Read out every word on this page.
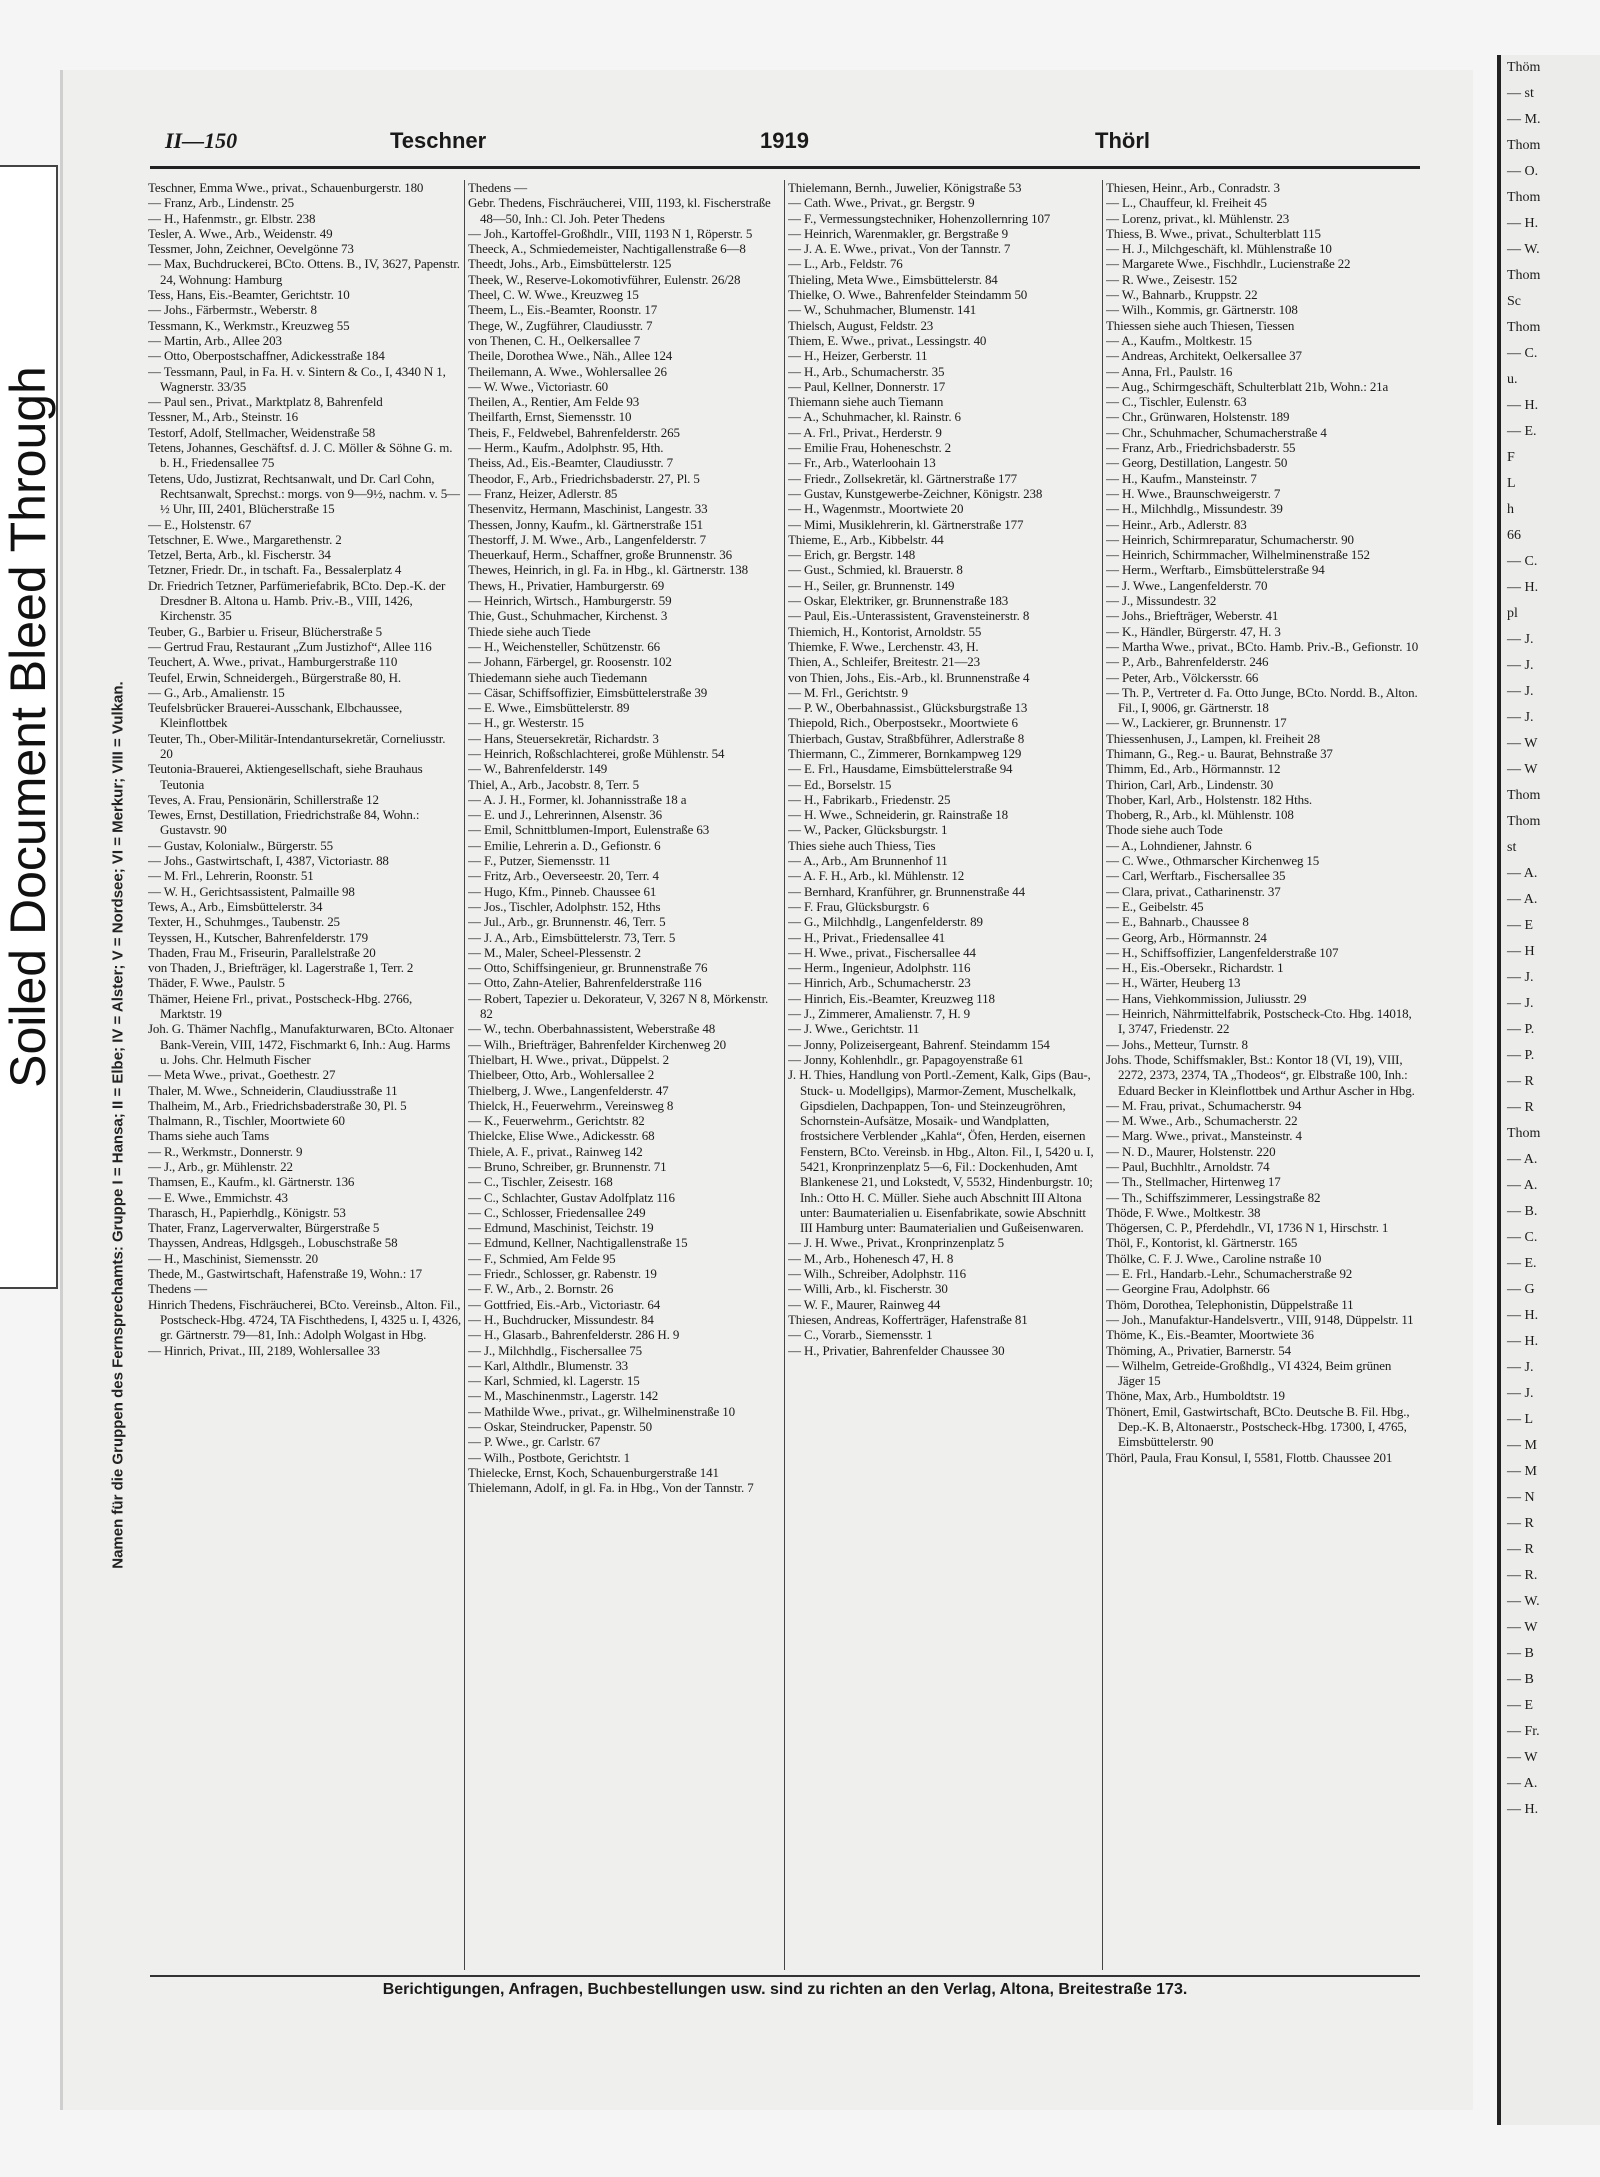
Thöm
— st
— M.
Thom
— O.
Thom
— H.
— W.
Thom
Sc
Thom
— C.
u.
— H.
— E.
F
L
h
66
— C.
— H.
pl
— J.
— J.
— J.
— J.
— W
— W
Thom
Thom
st
— A.
— A.
— E
— H
— J.
— J.
— P.
— P.
— R
— R
Thom
— A.
— A.
— B.
— C.
— E.
— G
— H.
— H.
— J.
— J.
— L
— M
— M
— N
— R
— R
— R.
— W.
— W
— B
— B
— E
— Fr.
— W
— A.
— H.
Soiled Document Bleed Through
II—150	Teschner	1919	Thörl
Namen für die Gruppen des Fernsprechamts: Gruppe I = Hansa; II = Elbe; IV = Alster; V = Nordsee; VI = Merkur; VIII = Vulkan.

Teschner, Emma Wwe., privat., Schauenburgerstr. 180

— Franz, Arb., Lindenstr. 25

— H., Hafenmstr., gr. Elbstr. 238

Tesler, A. Wwe., Arb., Weidenstr. 49

Tessmer, John, Zeichner, Oevelgönne 73

— Max, Buchdruckerei, BCto. Ottens. B., IV, 3627, Papenstr. 24, Wohnung: Hamburg

Tess, Hans, Eis.-Beamter, Gerichtstr. 10

— Johs., Färbermstr., Weberstr. 8

Tessmann, K., Werkmstr., Kreuzweg 55

— Martin, Arb., Allee 203

— Otto, Oberpostschaffner, Adickesstraße 184

— Tessmann, Paul, in Fa. H. v. Sintern & Co., I, 4340 N 1, Wagnerstr. 33/35

— Paul sen., Privat., Marktplatz 8, Bahrenfeld

Tessner, M., Arb., Steinstr. 16

Testorf, Adolf, Stellmacher, Weidenstraße 58

Tetens, Johannes, Geschäftsf. d. J. C. Möller & Söhne G. m. b. H., Friedensallee 75

Tetens, Udo, Justizrat, Rechtsanwalt, und Dr. Carl Cohn, Rechtsanwalt, Sprechst.: morgs. von 9—9½, nachm. v. 5—½ Uhr, III, 2401, Blücherstraße 15

— E., Holstenstr. 67

Tetschner, E. Wwe., Margarethenstr. 2

Tetzel, Berta, Arb., kl. Fischerstr. 34

Tetzner, Friedr. Dr., in tschaft. Fa., Bessalerplatz 4

Dr. Friedrich Tetzner, Parfümeriefabrik, BCto. Dep.-K. der Dresdner B. Altona u. Hamb. Priv.-B., VIII, 1426, Kirchenstr. 35

Teuber, G., Barbier u. Friseur, Blücherstraße 5

— Gertrud Frau, Restaurant „Zum Justizhof“, Allee 116

Teuchert, A. Wwe., privat., Hamburgerstraße 110

Teufel, Erwin, Schneidergeh., Bürgerstraße 80, H.

— G., Arb., Amalienstr. 15

Teufelsbrücker Brauerei-Ausschank, Elbchaussee, Kleinflottbek

Teuter, Th., Ober-Militär-Intendantursekretär, Corneliusstr. 20

Teutonia-Brauerei, Aktiengesellschaft, siehe Brauhaus Teutonia

Teves, A. Frau, Pensionärin, Schillerstraße 12

Tewes, Ernst, Destillation, Friedrichstraße 84, Wohn.: Gustavstr. 90

— Gustav, Kolonialw., Bürgerstr. 55

— Johs., Gastwirtschaft, I, 4387, Victoriastr. 88

— M. Frl., Lehrerin, Roonstr. 51

— W. H., Gerichtsassistent, Palmaille 98

Tews, A., Arb., Eimsbüttelerstr. 34

Texter, H., Schuhmges., Taubenstr. 25

Teyssen, H., Kutscher, Bahrenfelderstr. 179

Thaden, Frau M., Friseurin, Parallelstraße 20

von Thaden, J., Briefträger, kl. Lagerstraße 1, Terr. 2

Thäder, F. Wwe., Paulstr. 5

Thämer, Heiene Frl., privat., Postscheck-Hbg. 2766, Marktstr. 19

Joh. G. Thämer Nachflg., Manufakturwaren, BCto. Altonaer Bank-Verein, VIII, 1472, Fischmarkt 6, Inh.: Aug. Harms u. Johs. Chr. Helmuth Fischer

— Meta Wwe., privat., Goethestr. 27

Thaler, M. Wwe., Schneiderin, Claudiusstraße 11

Thalheim, M., Arb., Friedrichsbaderstraße 30, Pl. 5

Thalmann, R., Tischler, Moortwiete 60

Thams siehe auch Tams

— R., Werkmstr., Donnerstr. 9

— J., Arb., gr. Mühlenstr. 22

Thamsen, E., Kaufm., kl. Gärtnerstr. 136

— E. Wwe., Emmichstr. 43

Tharasch, H., Papierhdlg., Königstr. 53

Thater, Franz, Lagerverwalter, Bürgerstraße 5

Thayssen, Andreas, Hdlgsgeh., Lobuschstraße 58

— H., Maschinist, Siemensstr. 20

Thede, M., Gastwirtschaft, Hafenstraße 19, Wohn.: 17

Thedens —

Hinrich Thedens, Fischräucherei, BCto. Vereinsb., Alton. Fil., Postscheck-Hbg. 4724, TA Fischthedens, I, 4325 u. I, 4326, gr. Gärtnerstr. 79—81, Inh.: Adolph Wolgast in Hbg.

— Hinrich, Privat., III, 2189, Wohlersallee 33

Thedens —

Gebr. Thedens, Fischräucherei, VIII, 1193, kl. Fischerstraße 48—50, Inh.: Cl. Joh. Peter Thedens

— Joh., Kartoffel-Großhdlr., VIII, 1193 N 1, Röperstr. 5

Theeck, A., Schmiedemeister, Nachtigallenstraße 6—8

Theedt, Johs., Arb., Eimsbüttelerstr. 125

Theek, W., Reserve-Lokomotivführer, Eulenstr. 26/28

Theel, C. W. Wwe., Kreuzweg 15

Theem, L., Eis.-Beamter, Roonstr. 17

Thege, W., Zugführer, Claudiusstr. 7

von Thenen, C. H., Oelkersallee 7

Theile, Dorothea Wwe., Näh., Allee 124

Theilemann, A. Wwe., Wohlersallee 26

— W. Wwe., Victoriastr. 60

Theilen, A., Rentier, Am Felde 93

Theilfarth, Ernst, Siemensstr. 10

Theis, F., Feldwebel, Bahrenfelderstr. 265

— Herm., Kaufm., Adolphstr. 95, Hth.

Theiss, Ad., Eis.-Beamter, Claudiusstr. 7

Theodor, F., Arb., Friedrichsbaderstr. 27, Pl. 5

— Franz, Heizer, Adlerstr. 85

Thesenvitz, Hermann, Maschinist, Langestr. 33

Thessen, Jonny, Kaufm., kl. Gärtnerstraße 151

Thestorff, J. M. Wwe., Arb., Langenfelderstr. 7

Theuerkauf, Herm., Schaffner, große Brunnenstr. 36

Thewes, Heinrich, in gl. Fa. in Hbg., kl. Gärtnerstr. 138

Thews, H., Privatier, Hamburgerstr. 69

— Heinrich, Wirtsch., Hamburgerstr. 59

Thie, Gust., Schuhmacher, Kirchenst. 3

Thiede siehe auch Tiede

— H., Weichensteller, Schützenstr. 66

— Johann, Färbergel, gr. Roosenstr. 102

Thiedemann siehe auch Tiedemann

— Cäsar, Schiffsoffizier, Eimsbüttelerstraße 39

— E. Wwe., Eimsbüttelerstr. 89

— H., gr. Westerstr. 15

— Hans, Steuersekretär, Richardstr. 3

— Heinrich, Roßschlachterei, große Mühlenstr. 54

— W., Bahrenfelderstr. 149

Thiel, A., Arb., Jacobstr. 8, Terr. 5

— A. J. H., Former, kl. Johannisstraße 18 a

— E. und J., Lehrerinnen, Alsenstr. 36

— Emil, Schnittblumen-Import, Eulenstraße 63

— Emilie, Lehrerin a. D., Gefionstr. 6

— F., Putzer, Siemensstr. 11

— Fritz, Arb., Oeverseestr. 20, Terr. 4

— Hugo, Kfm., Pinneb. Chaussee 61

— Jos., Tischler, Adolphstr. 152, Hths

— Jul., Arb., gr. Brunnenstr. 46, Terr. 5

— J. A., Arb., Eimsbüttelerstr. 73, Terr. 5

— M., Maler, Scheel-Plessenstr. 2

— Otto, Schiffsingenieur, gr. Brunnenstraße 76

— Otto, Zahn-Atelier, Bahrenfelderstraße 116

— Robert, Tapezier u. Dekorateur, V, 3267 N 8, Mörkenstr. 82

— W., techn. Oberbahnassistent, Weberstraße 48

— Wilh., Briefträger, Bahrenfelder Kirchenweg 20

Thielbart, H. Wwe., privat., Düppelst. 2

Thielbeer, Otto, Arb., Wohlersallee 2

Thielberg, J. Wwe., Langenfelderstr. 47

Thielck, H., Feuerwehrm., Vereinsweg 8

— K., Feuerwehrm., Gerichtstr. 82

Thielcke, Elise Wwe., Adickesstr. 68

Thiele, A. F., privat., Rainweg 142

— Bruno, Schreiber, gr. Brunnenstr. 71

— C., Tischler, Zeisestr. 168

— C., Schlachter, Gustav Adolfplatz 116

— C., Schlosser, Friedensallee 249

— Edmund, Maschinist, Teichstr. 19

— Edmund, Kellner, Nachtigallenstraße 15

— F., Schmied, Am Felde 95

— Friedr., Schlosser, gr. Rabenstr. 19

— F. W., Arb., 2. Bornstr. 26

— Gottfried, Eis.-Arb., Victoriastr. 64

— H., Buchdrucker, Missundestr. 84

— H., Glasarb., Bahrenfelderstr. 286 H. 9

— J., Milchhdlg., Fischersallee 75

— Karl, Althdlr., Blumenstr. 33

— Karl, Schmied, kl. Lagerstr. 15

— M., Maschinenmstr., Lagerstr. 142

— Mathilde Wwe., privat., gr. Wilhelminenstraße 10

— Oskar, Steindrucker, Papenstr. 50

— P. Wwe., gr. Carlstr. 67

— Wilh., Postbote, Gerichtstr. 1

Thielecke, Ernst, Koch, Schauenburgerstraße 141

Thielemann, Adolf, in gl. Fa. in Hbg., Von der Tannstr. 7

Thielemann, Bernh., Juwelier, Königstraße 53

— Cath. Wwe., Privat., gr. Bergstr. 9

— F., Vermessungstechniker, Hohenzollernring 107

— Heinrich, Warenmakler, gr. Bergstraße 9

— J. A. E. Wwe., privat., Von der Tannstr. 7

— L., Arb., Feldstr. 76

Thieling, Meta Wwe., Eimsbüttelerstr. 84

Thielke, O. Wwe., Bahrenfelder Steindamm 50

— W., Schuhmacher, Blumenstr. 141

Thielsch, August, Feldstr. 23

Thiem, E. Wwe., privat., Lessingstr. 40

— H., Heizer, Gerberstr. 11

— H., Arb., Schumacherstr. 35

— Paul, Kellner, Donnerstr. 17

Thiemann siehe auch Tiemann

— A., Schuhmacher, kl. Rainstr. 6

— A. Frl., Privat., Herderstr. 9

— Emilie Frau, Hoheneschstr. 2

— Fr., Arb., Waterloohain 13

— Friedr., Zollsekretär, kl. Gärtnerstraße 177

— Gustav, Kunstgewerbe-Zeichner, Königstr. 238

— H., Wagenmstr., Moortwiete 20

— Mimi, Musiklehrerin, kl. Gärtnerstraße 177

Thieme, E., Arb., Kibbelstr. 44

— Erich, gr. Bergstr. 148

— Gust., Schmied, kl. Brauerstr. 8

— H., Seiler, gr. Brunnenstr. 149

— Oskar, Elektriker, gr. Brunnenstraße 183

— Paul, Eis.-Unterassistent, Gravensteinerstr. 8

Thiemich, H., Kontorist, Arnoldstr. 55

Thiemke, F. Wwe., Lerchenstr. 43, H.

Thien, A., Schleifer, Breitestr. 21—23

von Thien, Johs., Eis.-Arb., kl. Brunnenstraße 4

— M. Frl., Gerichtstr. 9

— P. W., Oberbahnassist., Glücksburgstraße 13

Thiepold, Rich., Oberpostsekr., Moortwiete 6

Thierbach, Gustav, Straßbführer, Adlerstraße 8

Thiermann, C., Zimmerer, Bornkampweg 129

— E. Frl., Hausdame, Eimsbüttelerstraße 94

— Ed., Borselstr. 15

— H., Fabrikarb., Friedenstr. 25

— H. Wwe., Schneiderin, gr. Rainstraße 18

— W., Packer, Glücksburgstr. 1

Thies siehe auch Thiess, Ties

— A., Arb., Am Brunnenhof 11

— A. F. H., Arb., kl. Mühlenstr. 12

— Bernhard, Kranführer, gr. Brunnenstraße 44

— F. Frau, Glücksburgstr. 6

— G., Milchhdlg., Langenfelderstr. 89

— H., Privat., Friedensallee 41

— H. Wwe., privat., Fischersallee 44

— Herm., Ingenieur, Adolphstr. 116

— Hinrich, Arb., Schumacherstr. 23

— Hinrich, Eis.-Beamter, Kreuzweg 118

— J., Zimmerer, Amalienstr. 7, H. 9

— J. Wwe., Gerichtstr. 11

— Jonny, Polizeisergeant, Bahrenf. Steindamm 154

— Jonny, Kohlenhdlr., gr. Papagoyenstraße 61

J. H. Thies, Handlung von Portl.-Zement, Kalk, Gips (Bau-, Stuck- u. Modellgips), Marmor-Zement, Muschelkalk, Gipsdielen, Dachpappen, Ton- und Steinzeugröhren, Schornstein-Aufsätze, Mosaik- und Wandplatten, frostsichere Verblender „Kahla“, Öfen, Herden, eisernen Fenstern, BCto. Vereinsb. in Hbg., Alton. Fil., I, 5420 u. I, 5421, Kronprinzenplatz 5—6, Fil.: Dockenhuden, Amt Blankenese 21, und Lokstedt, V, 5532, Hindenburgstr. 10; Inh.: Otto H. C. Müller. Siehe auch Abschnitt III Altona unter: Baumaterialien u. Eisenfabrikate, sowie Abschnitt III Hamburg unter: Baumaterialien und Gußeisenwaren.

— J. H. Wwe., Privat., Kronprinzenplatz 5

— M., Arb., Hohenesch 47, H. 8

— Wilh., Schreiber, Adolphstr. 116

— Willi, Arb., kl. Fischerstr. 30

— W. F., Maurer, Rainweg 44

Thiesen, Andreas, Kofferträger, Hafenstraße 81

— C., Vorarb., Siemensstr. 1

— H., Privatier, Bahrenfelder Chaussee 30

Thiesen, Heinr., Arb., Conradstr. 3

— L., Chauffeur, kl. Freiheit 45

— Lorenz, privat., kl. Mühlenstr. 23

Thiess, B. Wwe., privat., Schulterblatt 115

— H. J., Milchgeschäft, kl. Mühlenstraße 10

— Margarete Wwe., Fischhdlr., Lucienstraße 22

— R. Wwe., Zeisestr. 152

— W., Bahnarb., Kruppstr. 22

— Wilh., Kommis, gr. Gärtnerstr. 108

Thiessen siehe auch Thiesen, Tiessen

— A., Kaufm., Moltkestr. 15

— Andreas, Architekt, Oelkersallee 37

— Anna, Frl., Paulstr. 16

— Aug., Schirmgeschäft, Schulterblatt 21b, Wohn.: 21a

— C., Tischler, Eulenstr. 63

— Chr., Grünwaren, Holstenstr. 189

— Chr., Schuhmacher, Schumacherstraße 4

— Franz, Arb., Friedrichsbaderstr. 55

— Georg, Destillation, Langestr. 50

— H., Kaufm., Mansteinstr. 7

— H. Wwe., Braunschweigerstr. 7

— H., Milchhdlg., Missundestr. 39

— Heinr., Arb., Adlerstr. 83

— Heinrich, Schirmreparatur, Schumacherstr. 90

— Heinrich, Schirmmacher, Wilhelminenstraße 152

— Herm., Werftarb., Eimsbüttelerstraße 94

— J. Wwe., Langenfelderstr. 70

— J., Missundestr. 32

— Johs., Briefträger, Weberstr. 41

— K., Händler, Bürgerstr. 47, H. 3

— Martha Wwe., privat., BCto. Hamb. Priv.-B., Gefionstr. 10

— P., Arb., Bahrenfelderstr. 246

— Peter, Arb., Völckersstr. 66

— Th. P., Vertreter d. Fa. Otto Junge, BCto. Nordd. B., Alton. Fil., I, 9006, gr. Gärtnerstr. 18

— W., Lackierer, gr. Brunnenstr. 17

Thiessenhusen, J., Lampen, kl. Freiheit 28

Thimann, G., Reg.- u. Baurat, Behnstraße 37

Thimm, Ed., Arb., Hörmannstr. 12

Thirion, Carl, Arb., Lindenstr. 30

Thober, Karl, Arb., Holstenstr. 182 Hths.

Thoberg, R., Arb., kl. Mühlenstr. 108

Thode siehe auch Tode

— A., Lohndiener, Jahnstr. 6

— C. Wwe., Othmarscher Kirchenweg 15

— Carl, Werftarb., Fischersallee 35

— Clara, privat., Catharinenstr. 37

— E., Geibelstr. 45

— E., Bahnarb., Chaussee 8

— Georg, Arb., Hörmannstr. 24

— H., Schiffsoffizier, Langenfelderstraße 107

— H., Eis.-Obersekr., Richardstr. 1

— H., Wärter, Heuberg 13

— Hans, Viehkommission, Juliusstr. 29

— Heinrich, Nährmittelfabrik, Postscheck-Cto. Hbg. 14018, I, 3747, Friedenstr. 22

— Johs., Metteur, Turnstr. 8

Johs. Thode, Schiffsmakler, Bst.: Kontor 18 (VI, 19), VIII, 2272, 2373, 2374, TA „Thodeos“, gr. Elbstraße 100, Inh.: Eduard Becker in Kleinflottbek und Arthur Ascher in Hbg.

— M. Frau, privat., Schumacherstr. 94

— M. Wwe., Arb., Schumacherstr. 22

— Marg. Wwe., privat., Mansteinstr. 4

— N. D., Maurer, Holstenstr. 220

— Paul, Buchhltr., Arnoldstr. 74

— Th., Stellmacher, Hirtenweg 17

— Th., Schiffszimmerer, Lessingstraße 82

Thöde, F. Wwe., Moltkestr. 38

Thögersen, C. P., Pferdehdlr., VI, 1736 N 1, Hirschstr. 1

Thöl, F., Kontorist, kl. Gärtnerstr. 165

Thölke, C. F. J. Wwe., Caroline nstraße 10

— E. Frl., Handarb.-Lehr., Schumacherstraße 92

— Georgine Frau, Adolphstr. 66

Thöm, Dorothea, Telephonistin, Düppelstraße 11

— Joh., Manufaktur-Handelsvertr., VIII, 9148, Düppelstr. 11

Thöme, K., Eis.-Beamter, Moortwiete 36

Thöming, A., Privatier, Barnerstr. 54

— Wilhelm, Getreide-Großhdlg., VI 4324, Beim grünen Jäger 15

Thöne, Max, Arb., Humboldtstr. 19

Thönert, Emil, Gastwirtschaft, BCto. Deutsche B. Fil. Hbg., Dep.-K. B, Altonaerstr., Postscheck-Hbg. 17300, I, 4765, Eimsbüttelerstr. 90

Thörl, Paula, Frau Konsul, I, 5581, Flottb. Chaussee 201

Berichtigungen, Anfragen, Buchbestellungen usw. sind zu richten an den Verlag, Altona, Breitestraße 173.
